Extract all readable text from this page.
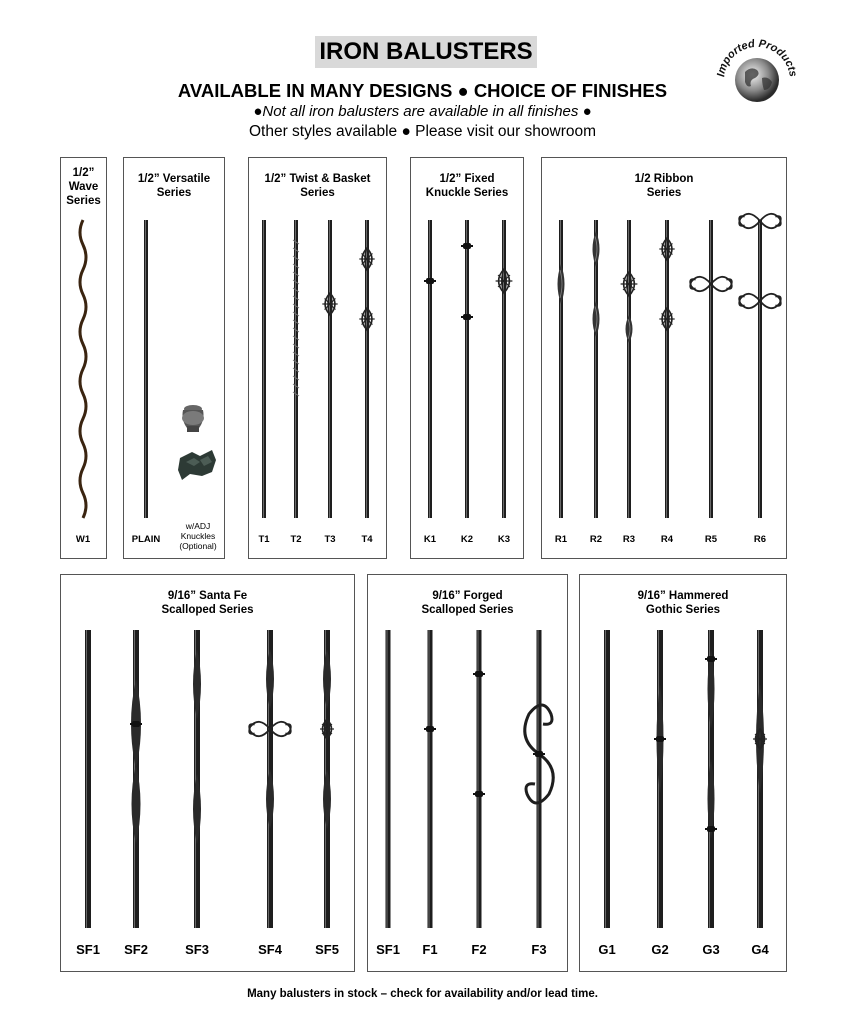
IRON BALUSTERS
AVAILABLE IN MANY DESIGNS ● CHOICE OF FINISHES
●Not all iron balusters are available in all finishes ●
Other styles available ● Please visit our showroom
Imported Products
1/2”
Wave
Series
1/2” Versatile
Series
1/2” Twist & Basket
Series
1/2” Fixed
Knuckle Series
1/2 Ribbon
Series
9/16” Santa Fe
Scalloped Series
9/16” Forged
Scalloped Series
9/16” Hammered
Gothic Series
w/ADJ
Knuckles
(Optional)
W1	PLAIN	T1	T2	T3	T4	K1	K2	K3	R1	R2	R3	R4	R5	R6
SF1	SF2	SF3	SF4	SF5	SF1	F1	F2	F3	G1	G2	G3	G4
Many balusters in stock – check for availability and/or lead time.
